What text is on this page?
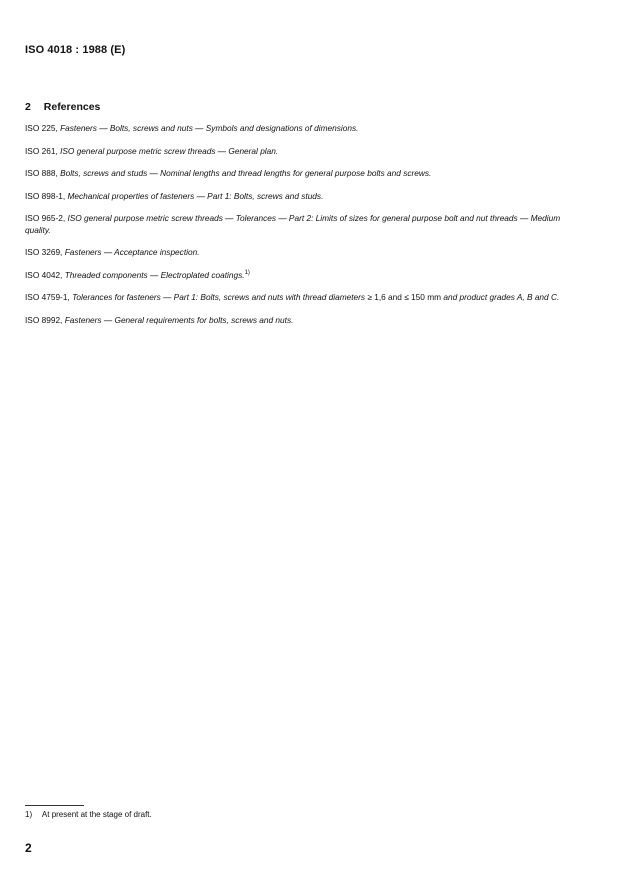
ISO 4018 : 1988 (E)
2 References

ISO 225, Fasteners — Bolts, screws and nuts — Symbols and designations of dimensions.

ISO 261, ISO general purpose metric screw threads — General plan.

ISO 888, Bolts, screws and studs — Nominal lengths and thread lengths for general purpose bolts and screws.

ISO 898-1, Mechanical properties of fasteners — Part 1: Bolts, screws and studs.

ISO 965-2, ISO general purpose metric screw threads — Tolerances — Part 2: Limits of sizes for general purpose bolt and nut threads — Medium quality.

ISO 3269, Fasteners — Acceptance inspection.

ISO 4042, Threaded components — Electroplated coatings.$^{1)}$

ISO 4759-1, Tolerances for fasteners — Part 1: Bolts, screws and nuts with thread diameters ≥ 1,6 and ≤ 150 mm and product grades A, B and C.

ISO 8992, Fasteners — General requirements for bolts, screws and nuts.

1) At present at the stage of draft.
2
